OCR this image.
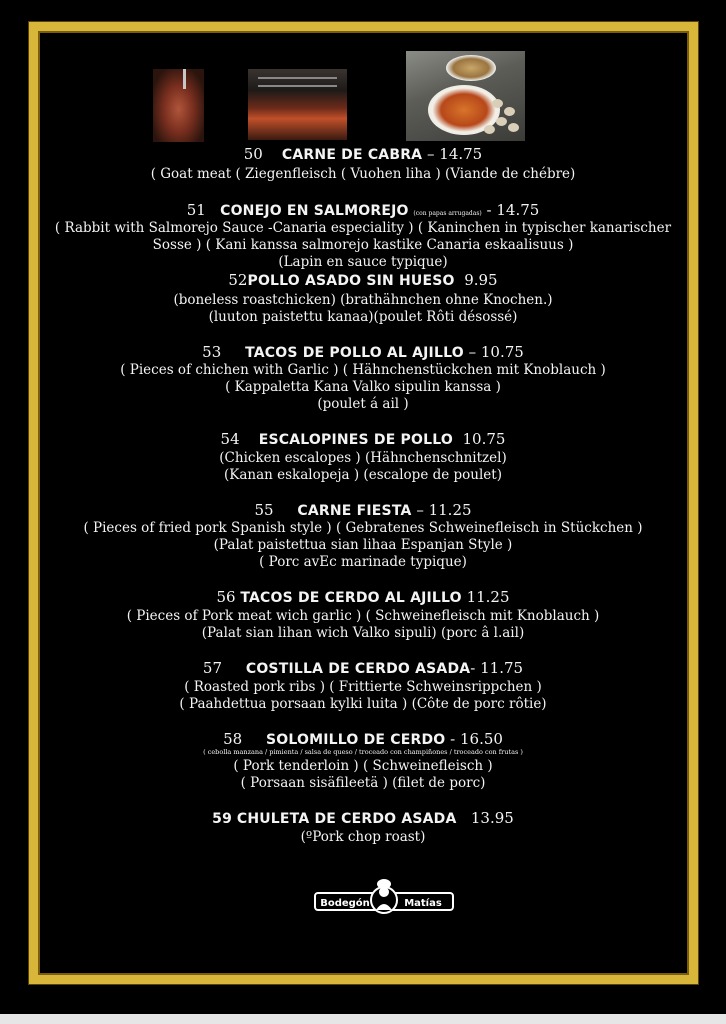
50 CARNE DE CABRA – 14.75
( Goat meat ( Ziegenfleisch ( Vuohen liha ) (Viande de chébre)
51 CONEJO EN SALMOREJO (con papas arrugadas) - 14.75
( Rabbit with Salmorejo Sauce -Canaria especiality ) ( Kaninchen in typischer kanarischer
Sosse ) ( Kani kanssa salmorejo kastike Canaria eskaalisuus )
(Lapin en sauce typique)
52POLLO ASADO SIN HUESO 9.95
(boneless roastchicken) (brathähnchen ohne Knochen.)
(luuton paistettu kanaa)(poulet Rôti désossé)
53 TACOS DE POLLO AL AJILLO – 10.75
( Pieces of chichen with Garlic ) ( Hähnchenstückchen mit Knoblauch )
( Kappaletta Kana Valko sipulin kanssa )
(poulet á ail )
54 ESCALOPINES DE POLLO 10.75
(Chicken escalopes ) (Hähnchenschnitzel)
(Kanan eskalopeja ) (escalope de poulet)
55 CARNE FIESTA – 11.25
( Pieces of fried pork Spanish style ) ( Gebratenes Schweinefleisch in Stückchen )
(Palat paistettua sian lihaa Espanjan Style )
( Porc avEc marinade typique)
56 TACOS DE CERDO AL AJILLO 11.25
( Pieces of Pork meat wich garlic ) ( Schweinefleisch mit Knoblauch )
(Palat sian lihan wich Valko sipuli) (porc â l.ail)
57 COSTILLA DE CERDO ASADA- 11.75
( Roasted pork ribs ) ( Frittierte Schweinsrippchen )
( Paahdettua porsaan kylki luita ) (Côte de porc rôtie)
58 SOLOMILLO DE CERDO - 16.50
( cebolla manzana / pimienta / salsa de queso / troceado con champiñones / troceado con frutas )
( Pork tenderloin ) ( Schweinefleisch )
( Porsaan sisäfileetä ) (filet de porc)
59 CHULETA DE CERDO ASADA 13.95
(ºPork chop roast)
Bodegón	Matías
